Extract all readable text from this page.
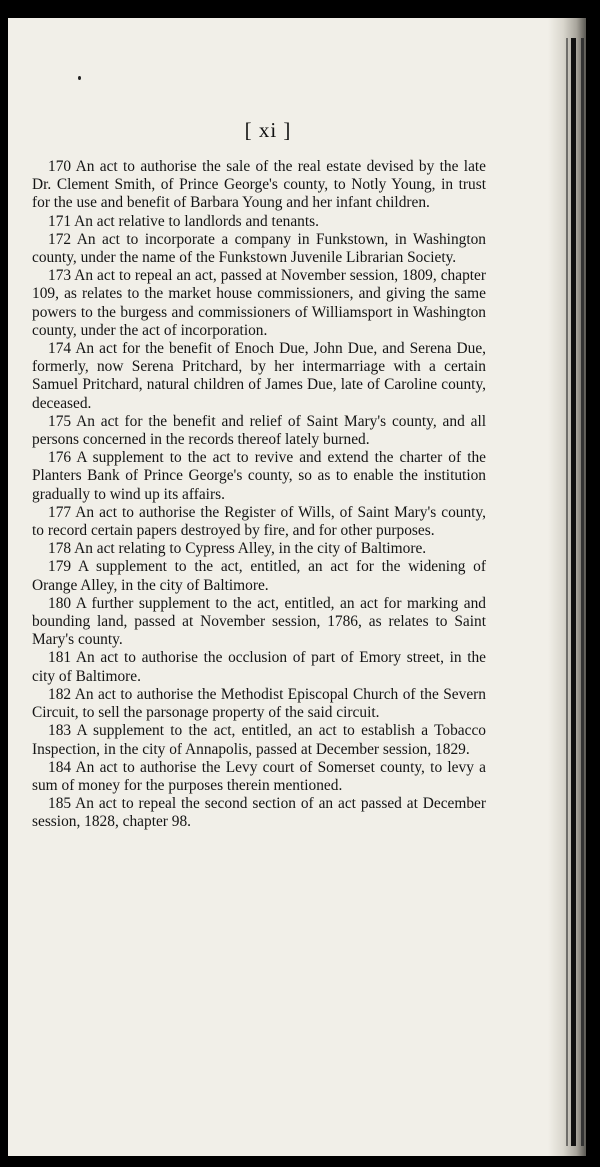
[ xi ]

170 An act to authorise the sale of the real estate devised by the late Dr. Clement Smith, of Prince George's county, to Notly Young, in trust for the use and benefit of Barbara Young and her infant children.

171 An act relative to landlords and tenants.

172 An act to incorporate a company in Funkstown, in Washington county, under the name of the Funkstown Juvenile Librarian Society.

173 An act to repeal an act, passed at November session, 1809, chapter 109, as relates to the market house commissioners, and giving the same powers to the burgess and commissioners of Williamsport in Washington county, under the act of incorporation.

174 An act for the benefit of Enoch Due, John Due, and Serena Due, formerly, now Serena Pritchard, by her intermarriage with a certain Samuel Pritchard, natural children of James Due, late of Caroline county, deceased.

175 An act for the benefit and relief of Saint Mary's county, and all persons concerned in the records thereof lately burned.

176 A supplement to the act to revive and extend the charter of the Planters Bank of Prince George's county, so as to enable the institution gradually to wind up its affairs.

177 An act to authorise the Register of Wills, of Saint Mary's county, to record certain papers destroyed by fire, and for other purposes.

178 An act relating to Cypress Alley, in the city of Baltimore.

179 A supplement to the act, entitled, an act for the widening of Orange Alley, in the city of Baltimore.

180 A further supplement to the act, entitled, an act for marking and bounding land, passed at November session, 1786, as relates to Saint Mary's county.

181 An act to authorise the occlusion of part of Emory street, in the city of Baltimore.

182 An act to authorise the Methodist Episcopal Church of the Severn Circuit, to sell the parsonage property of the said circuit.

183 A supplement to the act, entitled, an act to establish a Tobacco Inspection, in the city of Annapolis, passed at December session, 1829.

184 An act to authorise the Levy court of Somerset county, to levy a sum of money for the purposes therein mentioned.

185 An act to repeal the second section of an act passed at December session, 1828, chapter 98.
